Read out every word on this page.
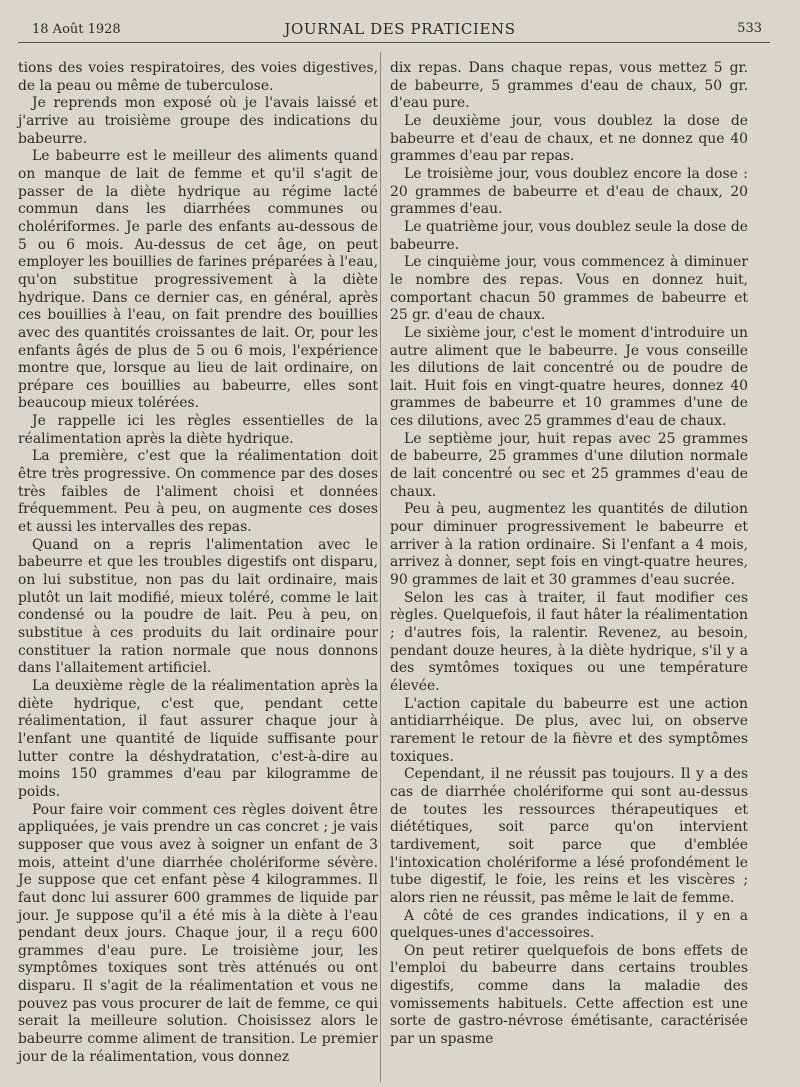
18 Août 1928	JOURNAL DES PRATICIENS	533

tions des voies respiratoires, des voies digestives, de la peau ou même de tuberculose.

Je reprends mon exposé où je l'avais laissé et j'arrive au troisième groupe des indications du babeurre.

Le babeurre est le meilleur des aliments quand on manque de lait de femme et qu'il s'agit de passer de la diète hydrique au régime lacté commun dans les diarrhées communes ou cholériformes. Je parle des enfants au-dessous de 5 ou 6 mois. Au-dessus de cet âge, on peut employer les bouillies de farines préparées à l'eau, qu'on substitue progressivement à la diète hydrique. Dans ce dernier cas, en général, après ces bouillies à l'eau, on fait prendre des bouillies avec des quantités croissantes de lait. Or, pour les enfants âgés de plus de 5 ou 6 mois, l'expérience montre que, lorsque au lieu de lait ordinaire, on prépare ces bouillies au babeurre, elles sont beaucoup mieux tolérées.

Je rappelle ici les règles essentielles de la réalimentation après la diète hydrique.

La première, c'est que la réalimentation doit être très progressive. On commence par des doses très faibles de l'aliment choisi et données fréquemment. Peu à peu, on augmente ces doses et aussi les intervalles des repas.

Quand on a repris l'alimentation avec le babeurre et que les troubles digestifs ont disparu, on lui substitue, non pas du lait ordinaire, mais plutôt un lait modifié, mieux toléré, comme le lait condensé ou la poudre de lait. Peu à peu, on substitue à ces produits du lait ordinaire pour constituer la ration normale que nous donnons dans l'allaitement artificiel.

La deuxième règle de la réalimentation après la diète hydrique, c'est que, pendant cette réalimentation, il faut assurer chaque jour à l'enfant une quantité de liquide suffisante pour lutter contre la déshydratation, c'est-à-dire au moins 150 grammes d'eau par kilogramme de poids.

Pour faire voir comment ces règles doivent être appliquées, je vais prendre un cas concret ; je vais supposer que vous avez à soigner un enfant de 3 mois, atteint d'une diarrhée cholériforme sévère. Je suppose que cet enfant pèse 4 kilogrammes. Il faut donc lui assurer 600 grammes de liquide par jour. Je suppose qu'il a été mis à la diète à l'eau pendant deux jours. Chaque jour, il a reçu 600 grammes d'eau pure. Le troisième jour, les symptômes toxiques sont très atténués ou ont disparu. Il s'agit de la réalimentation et vous ne pouvez pas vous procurer de lait de femme, ce qui serait la meilleure solution. Choisissez alors le babeurre comme aliment de transition. Le premier jour de la réalimentation, vous donnez

dix repas. Dans chaque repas, vous mettez 5 gr. de babeurre, 5 grammes d'eau de chaux, 50 gr. d'eau pure.

Le deuxième jour, vous doublez la dose de babeurre et d'eau de chaux, et ne donnez que 40 grammes d'eau par repas.

Le troisième jour, vous doublez encore la dose : 20 grammes de babeurre et d'eau de chaux, 20 grammes d'eau.

Le quatrième jour, vous doublez seule la dose de babeurre.

Le cinquième jour, vous commencez à diminuer le nombre des repas. Vous en donnez huit, comportant chacun 50 grammes de babeurre et 25 gr. d'eau de chaux.

Le sixième jour, c'est le moment d'introduire un autre aliment que le babeurre. Je vous conseille les dilutions de lait concentré ou de poudre de lait. Huit fois en vingt-quatre heures, donnez 40 grammes de babeurre et 10 grammes d'une de ces dilutions, avec 25 grammes d'eau de chaux.

Le septième jour, huit repas avec 25 grammes de babeurre, 25 grammes d'une dilution normale de lait concentré ou sec et 25 grammes d'eau de chaux.

Peu à peu, augmentez les quantités de dilution pour diminuer progressivement le babeurre et arriver à la ration ordinaire. Si l'enfant a 4 mois, arrivez à donner, sept fois en vingt-quatre heures, 90 grammes de lait et 30 grammes d'eau sucrée.

Selon les cas à traiter, il faut modifier ces règles. Quelquefois, il faut hâter la réalimentation ; d'autres fois, la ralentir. Revenez, au besoin, pendant douze heures, à la diète hydrique, s'il y a des symtômes toxiques ou une température élevée.

L'action capitale du babeurre est une action antidiarrhéique. De plus, avec lui, on observe rarement le retour de la fièvre et des symptômes toxiques.

Cependant, il ne réussit pas toujours. Il y a des cas de diarrhée cholériforme qui sont au-dessus de toutes les ressources thérapeutiques et diététiques, soit parce qu'on intervient tardivement, soit parce que d'emblée l'intoxication cholériforme a lésé profondément le tube digestif, le foie, les reins et les viscères ; alors rien ne réussit, pas même le lait de femme.

A côté de ces grandes indications, il y en a quelques-unes d'accessoires.

On peut retirer quelquefois de bons effets de l'emploi du babeurre dans certains troubles digestifs, comme dans la maladie des vomissements habituels. Cette affection est une sorte de gastro-névrose émétisante, caractérisée par un spasme
